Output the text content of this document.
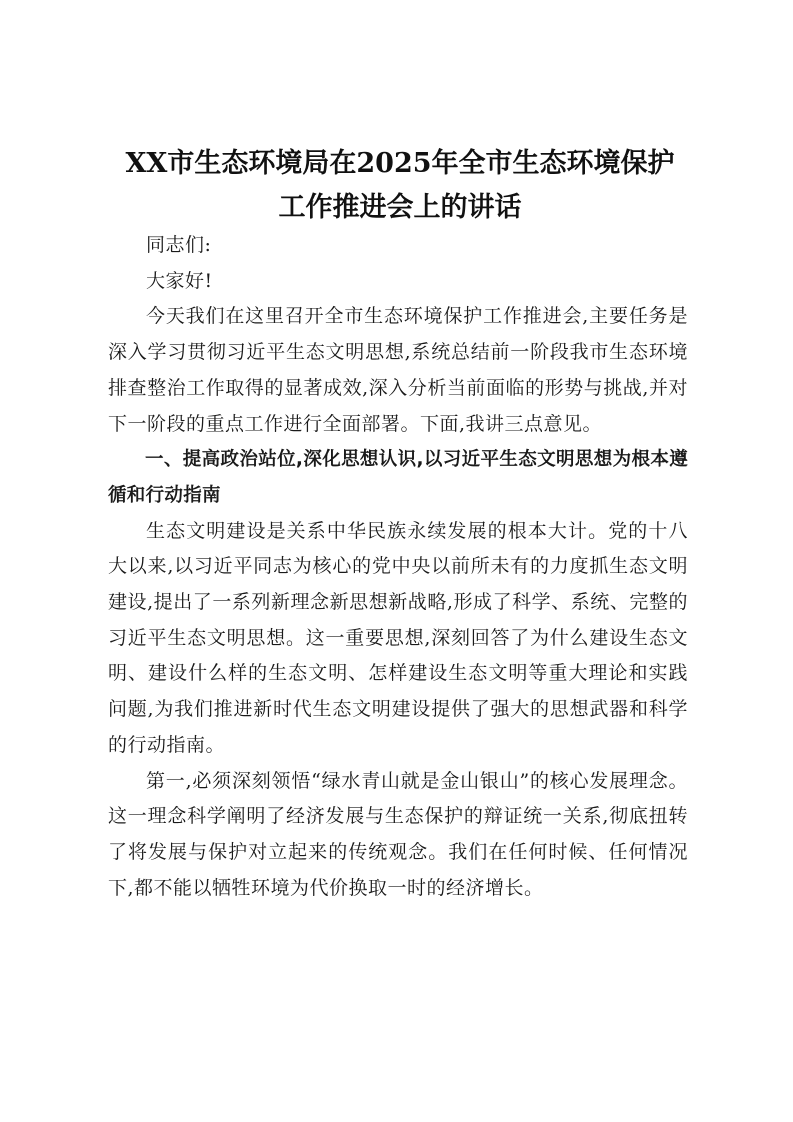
XX市生态环境局在2025年全市生态环境保护
工作推进会上的讲话

同志们:

大家好!

今天我们在这里召开全市生态环境保护工作推进会,主要任务是深入学习贯彻习近平生态文明思想,系统总结前一阶段我市生态环境排查整治工作取得的显著成效,深入分析当前面临的形势与挑战,并对下一阶段的重点工作进行全面部署。下面,我讲三点意见。

一、提高政治站位,深化思想认识,以习近平生态文明思想为根本遵循和行动指南

生态文明建设是关系中华民族永续发展的根本大计。党的十八大以来,以习近平同志为核心的党中央以前所未有的力度抓生态文明建设,提出了一系列新理念新思想新战略,形成了科学、系统、完整的习近平生态文明思想。这一重要思想,深刻回答了为什么建设生态文明、建设什么样的生态文明、怎样建设生态文明等重大理论和实践问题,为我们推进新时代生态文明建设提供了强大的思想武器和科学的行动指南。

第一,必须深刻领悟“绿水青山就是金山银山”的核心发展理念。这一理念科学阐明了经济发展与生态保护的辩证统一关系,彻底扭转了将发展与保护对立起来的传统观念。我们在任何时候、任何情况下,都不能以牺牲环境为代价换取一时的经济增长。
